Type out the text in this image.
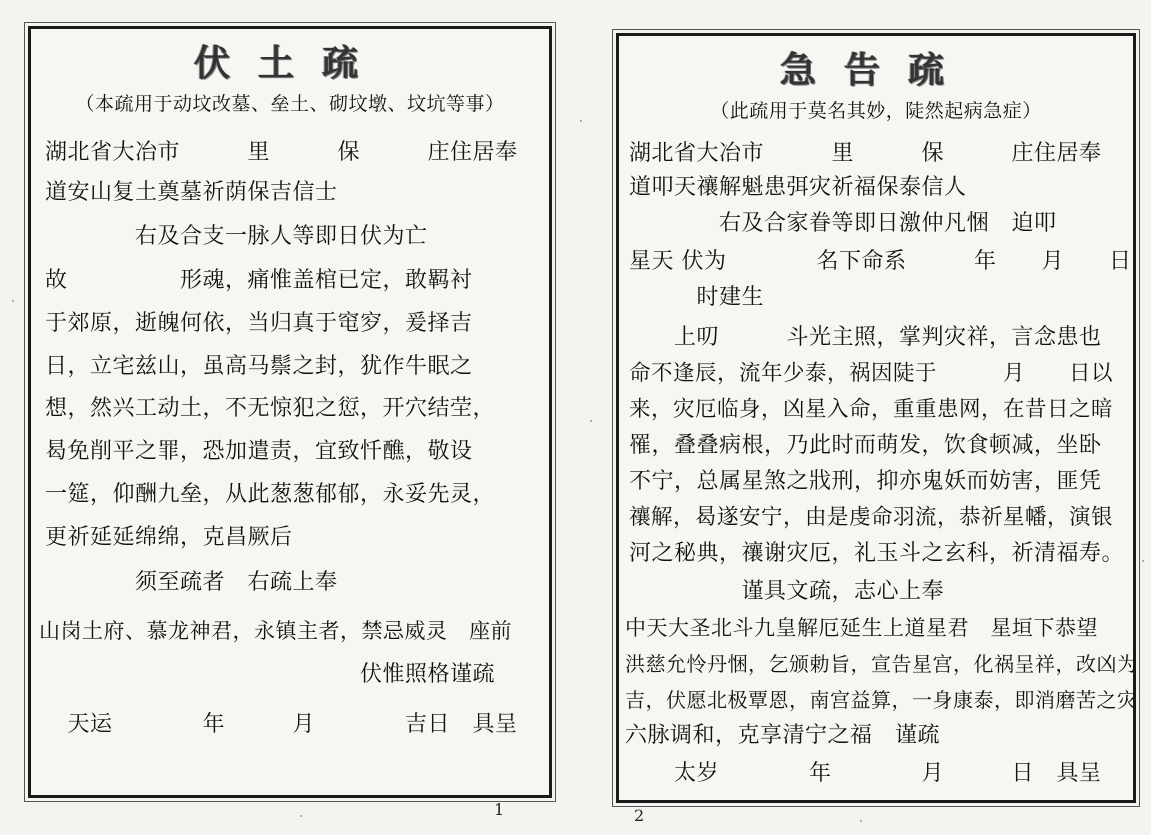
伏土疏
（本疏用于动坟改墓、垒土、砌坟墩、坟坑等事）
湖北省大冶市　　　里　　　保　　　庄住居奉
道安山复土奠墓祈荫保吉信士
　　　　右及合支一脉人等即日伏为亡
故　　　　　形魂，痛惟盖棺已定，敢羁衬
于郊原，逝魄何依，当归真于窀穸，爰择吉
日，立宅兹山，虽高马鬃之封，犹作牛眠之
想，然兴工动土，不无惊犯之愆，开穴结茔，
曷免削平之罪，恐加遣责，宜致忏醮，敬设
一筵，仰酬九垒，从此葱葱郁郁，永妥先灵，
更祈延延绵绵，克昌厥后
　　　　须至疏者　右疏上奉
山岗土府、慕龙神君，永镇主者，禁忌威灵　座前
　　　　　　　　　　　　　　伏惟照格谨疏
　天运　　　　年　　　月　　　　吉日　具呈
1
急告疏
（此疏用于莫名其妙，陡然起病急症）
湖北省大冶市　　　里　　　保　　　庄住居奉
道叩天禳解魁患弭灾祈福保泰信人
　　　　右及合家眷等即日激仲凡悃　迫叩
星天 伏为　　　　名下命系　　　年　　月　　日
　　　时建生
　　上叨　　　斗光主照，掌判灾祥，言念患也
命不逢辰，流年少泰，祸因陡于　　　月　　日以
来，灾厄临身，凶星入命，重重患网，在昔日之暗
罹，叠叠病根，乃此时而萌发，饮食顿减，坐卧
不宁，总属星煞之戕刑，抑亦鬼妖而妨害，匪凭
禳解，曷遂安宁，由是虔命羽流，恭祈星幡，演银
河之秘典，禳谢灾厄，礼玉斗之玄科，祈清福寿。
　　　　　谨具文疏，志心上奉
中天大圣北斗九皇解厄延生上道星君　星垣下恭望
洪慈允怜丹悃，乞颁勅旨，宣告星宫，化祸呈祥，改凶为
吉，伏愿北极覃恩，南宫益算，一身康泰，即消磨苦之灾
六脉调和，克享清宁之福　谨疏
　　太岁　　　　年　　　　月　　　日　具呈
2
